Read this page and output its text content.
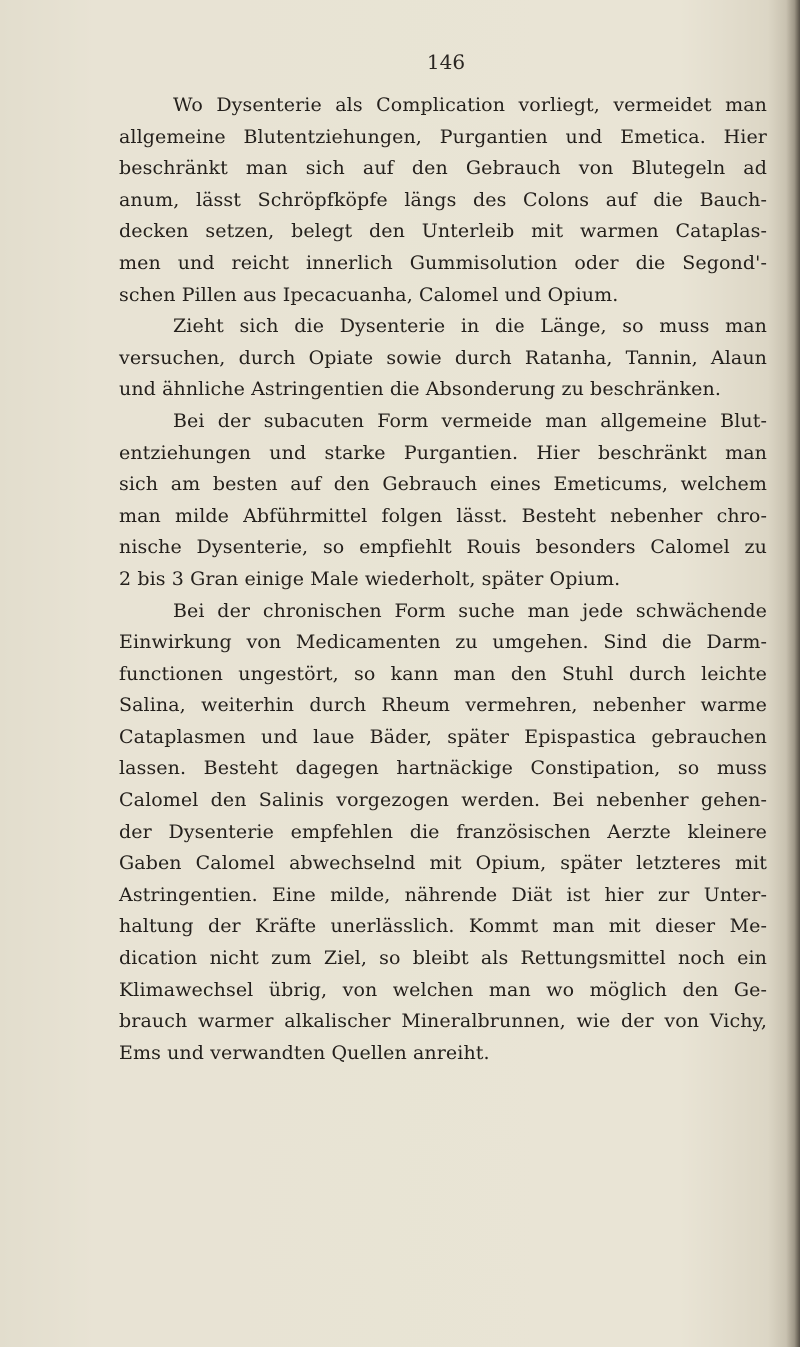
146
Wo Dysenterie als Complication vorliegt, vermeidet man
allgemeine Blutentziehungen, Purgantien und Emetica. Hier
beschränkt man sich auf den Gebrauch von Blutegeln ad
anum, lässt Schröpfköpfe längs des Colons auf die Bauch-
decken setzen, belegt den Unterleib mit warmen Cataplas-
men und reicht innerlich Gummisolution oder die Segond'-
schen Pillen aus Ipecacuanha, Calomel und Opium.
Zieht sich die Dysenterie in die Länge, so muss man
versuchen, durch Opiate sowie durch Ratanha, Tannin, Alaun
und ähnliche Astringentien die Absonderung zu beschränken.
Bei der subacuten Form vermeide man allgemeine Blut-
entziehungen und starke Purgantien. Hier beschränkt man
sich am besten auf den Gebrauch eines Emeticums, welchem
man milde Abführmittel folgen lässt. Besteht nebenher chro-
nische Dysenterie, so empfiehlt Rouis besonders Calomel zu
2 bis 3 Gran einige Male wiederholt, später Opium.
Bei der chronischen Form suche man jede schwächende
Einwirkung von Medicamenten zu umgehen. Sind die Darm-
functionen ungestört, so kann man den Stuhl durch leichte
Salina, weiterhin durch Rheum vermehren, nebenher warme
Cataplasmen und laue Bäder, später Epispastica gebrauchen
lassen. Besteht dagegen hartnäckige Constipation, so muss
Calomel den Salinis vorgezogen werden. Bei nebenher gehen-
der Dysenterie empfehlen die französischen Aerzte kleinere
Gaben Calomel abwechselnd mit Opium, später letzteres mit
Astringentien. Eine milde, nährende Diät ist hier zur Unter-
haltung der Kräfte unerlässlich. Kommt man mit dieser Me-
dication nicht zum Ziel, so bleibt als Rettungsmittel noch ein
Klimawechsel übrig, von welchen man wo möglich den Ge-
brauch warmer alkalischer Mineralbrunnen, wie der von Vichy,
Ems und verwandten Quellen anreiht.
